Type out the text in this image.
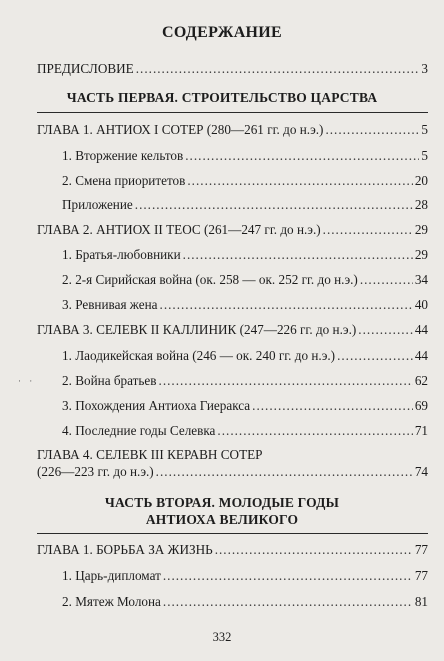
СОДЕРЖАНИЕ
ПРЕДИСЛОВИЕ .....	3
ЧАСТЬ ПЕРВАЯ. СТРОИТЕЛЬСТВО ЦАРСТВА
ГЛАВА 1. АНТИОХ I СОТЕР (280—261 гг. до н.э.) .....	5
1. Вторжение кельтов .....	5
2. Смена приоритетов .....	20
Приложение .....	28
ГЛАВА 2. АНТИОХ II ТЕОС (261—247 гг. до н.э.) .....	29
1. Братья-любовники .....	29
2. 2-я Сирийская война (ок. 258 — ок. 252 гг. до н.э.) .....	34
3. Ревнивая жена .....	40
ГЛАВА 3. СЕЛЕВК II КАЛЛИНИК (247—226 гг. до н.э.) .....	44
1. Лаодикейская война (246 — ок. 240 гг. до н.э.) .....	44
· · 2. Война братьев .....	62
3. Похождения Антиоха Гиеракса .....	69
4. Последние годы Селевка .....	71
ГЛАВА 4. СЕЛЕВК III КЕРАВН СОТЕР
(226—223 гг. до н.э.) .....	74
ЧАСТЬ ВТОРАЯ. МОЛОДЫЕ ГОДЫ
АНТИОХА ВЕЛИКОГО
ГЛАВА 1. БОРЬБА ЗА ЖИЗНЬ .....	77
1. Царь-дипломат .....	77
2. Мятеж Молона .....	81
332
